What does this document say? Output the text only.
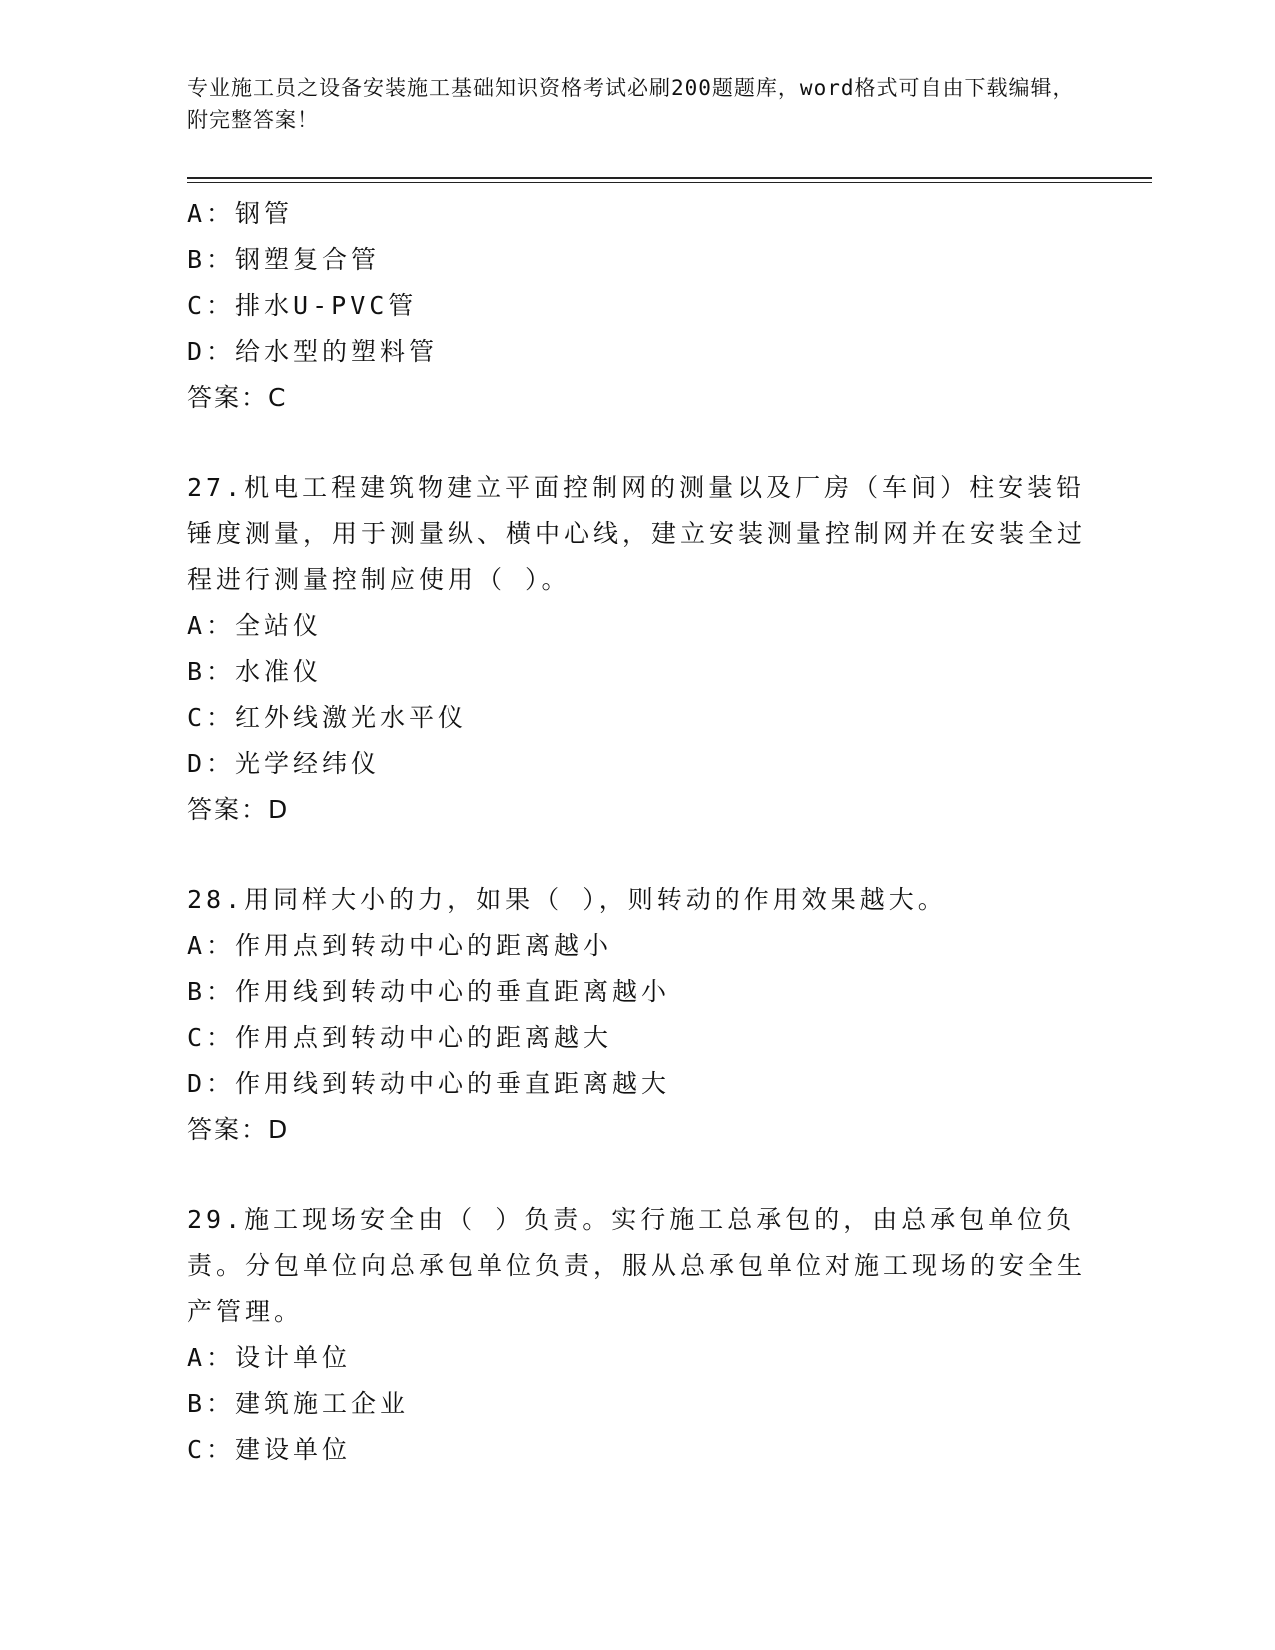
专业施工员之设备安装施工基础知识资格考试必刷200题题库，word格式可自由下载编辑，附完整答案！
A：钢管
B：钢塑复合管
C：排水U-PVC管
D：给水型的塑料管
答案：C
27.机电工程建筑物建立平面控制网的测量以及厂房（车间）柱安装铅锤度测量，用于测量纵、横中心线，建立安装测量控制网并在安装全过程进行测量控制应使用（ ）。
A：全站仪
B：水准仪
C：红外线激光水平仪
D：光学经纬仪
答案：D
28.用同样大小的力，如果（ ），则转动的作用效果越大。
A：作用点到转动中心的距离越小
B：作用线到转动中心的垂直距离越小
C：作用点到转动中心的距离越大
D：作用线到转动中心的垂直距离越大
答案：D
29.施工现场安全由（ ）负责。实行施工总承包的，由总承包单位负责。分包单位向总承包单位负责，服从总承包单位对施工现场的安全生产管理。
A：设计单位
B：建筑施工企业
C：建设单位
